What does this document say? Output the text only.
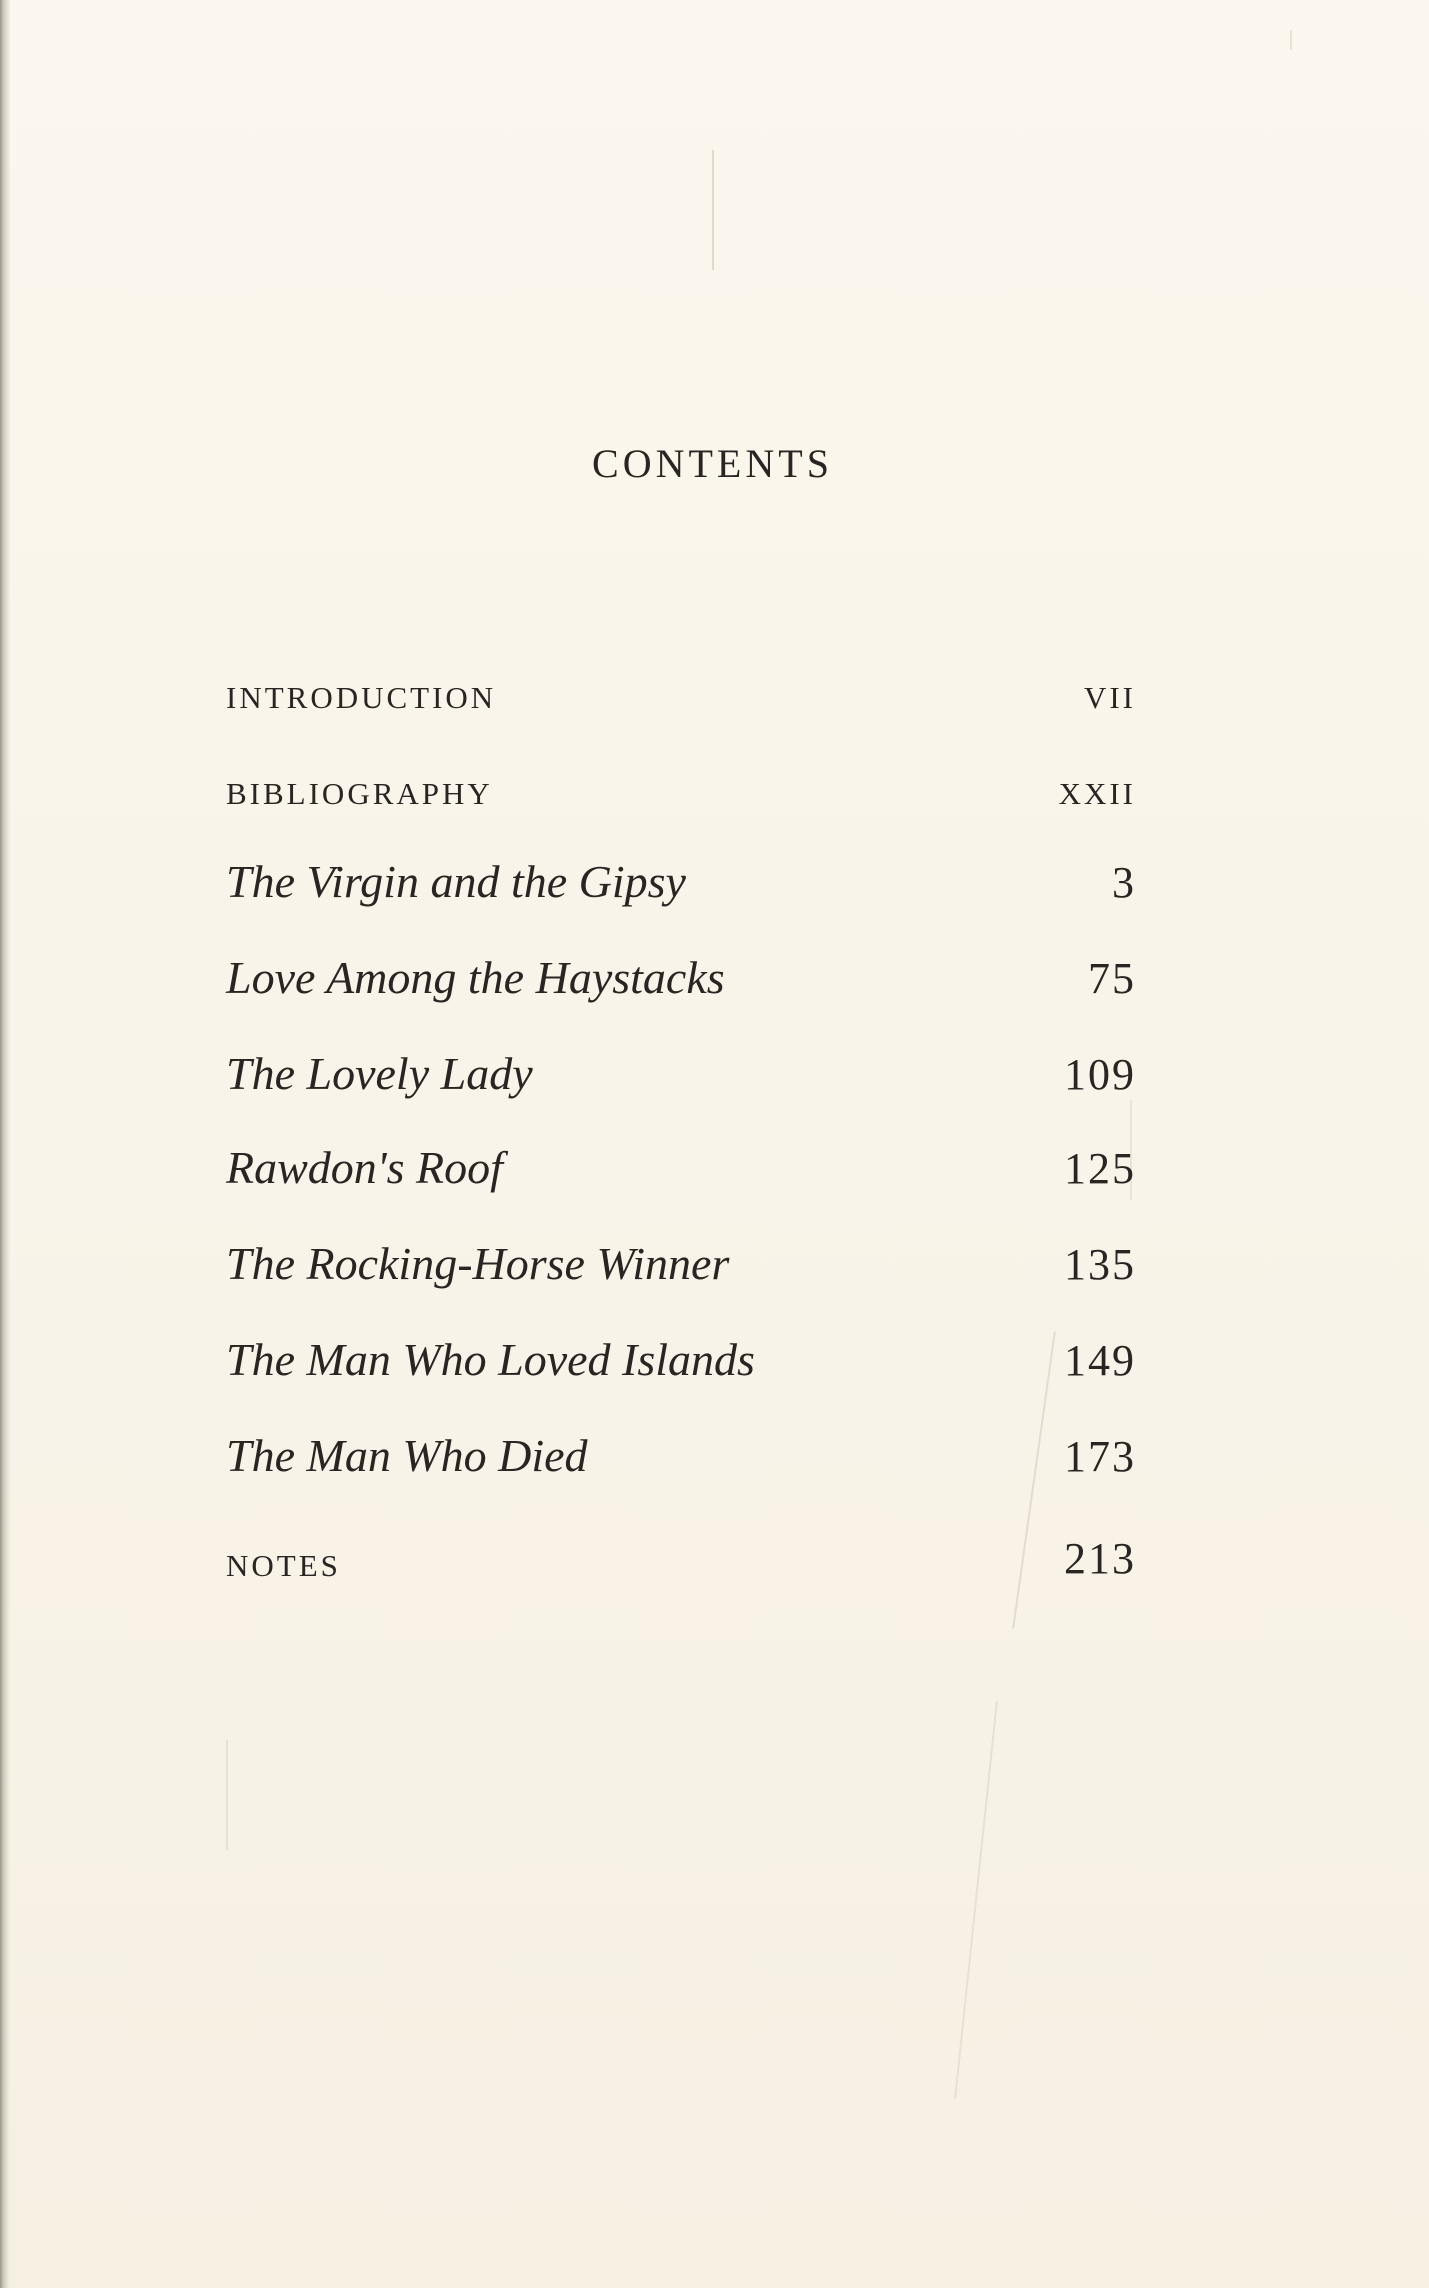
CONTENTS
INTRODUCTION	VII
BIBLIOGRAPHY	XXII
The Virgin and the Gipsy	3
Love Among the Haystacks	75
The Lovely Lady	109
Rawdon's Roof	125
The Rocking-Horse Winner	135
The Man Who Loved Islands	149
The Man Who Died	173
NOTES	213
